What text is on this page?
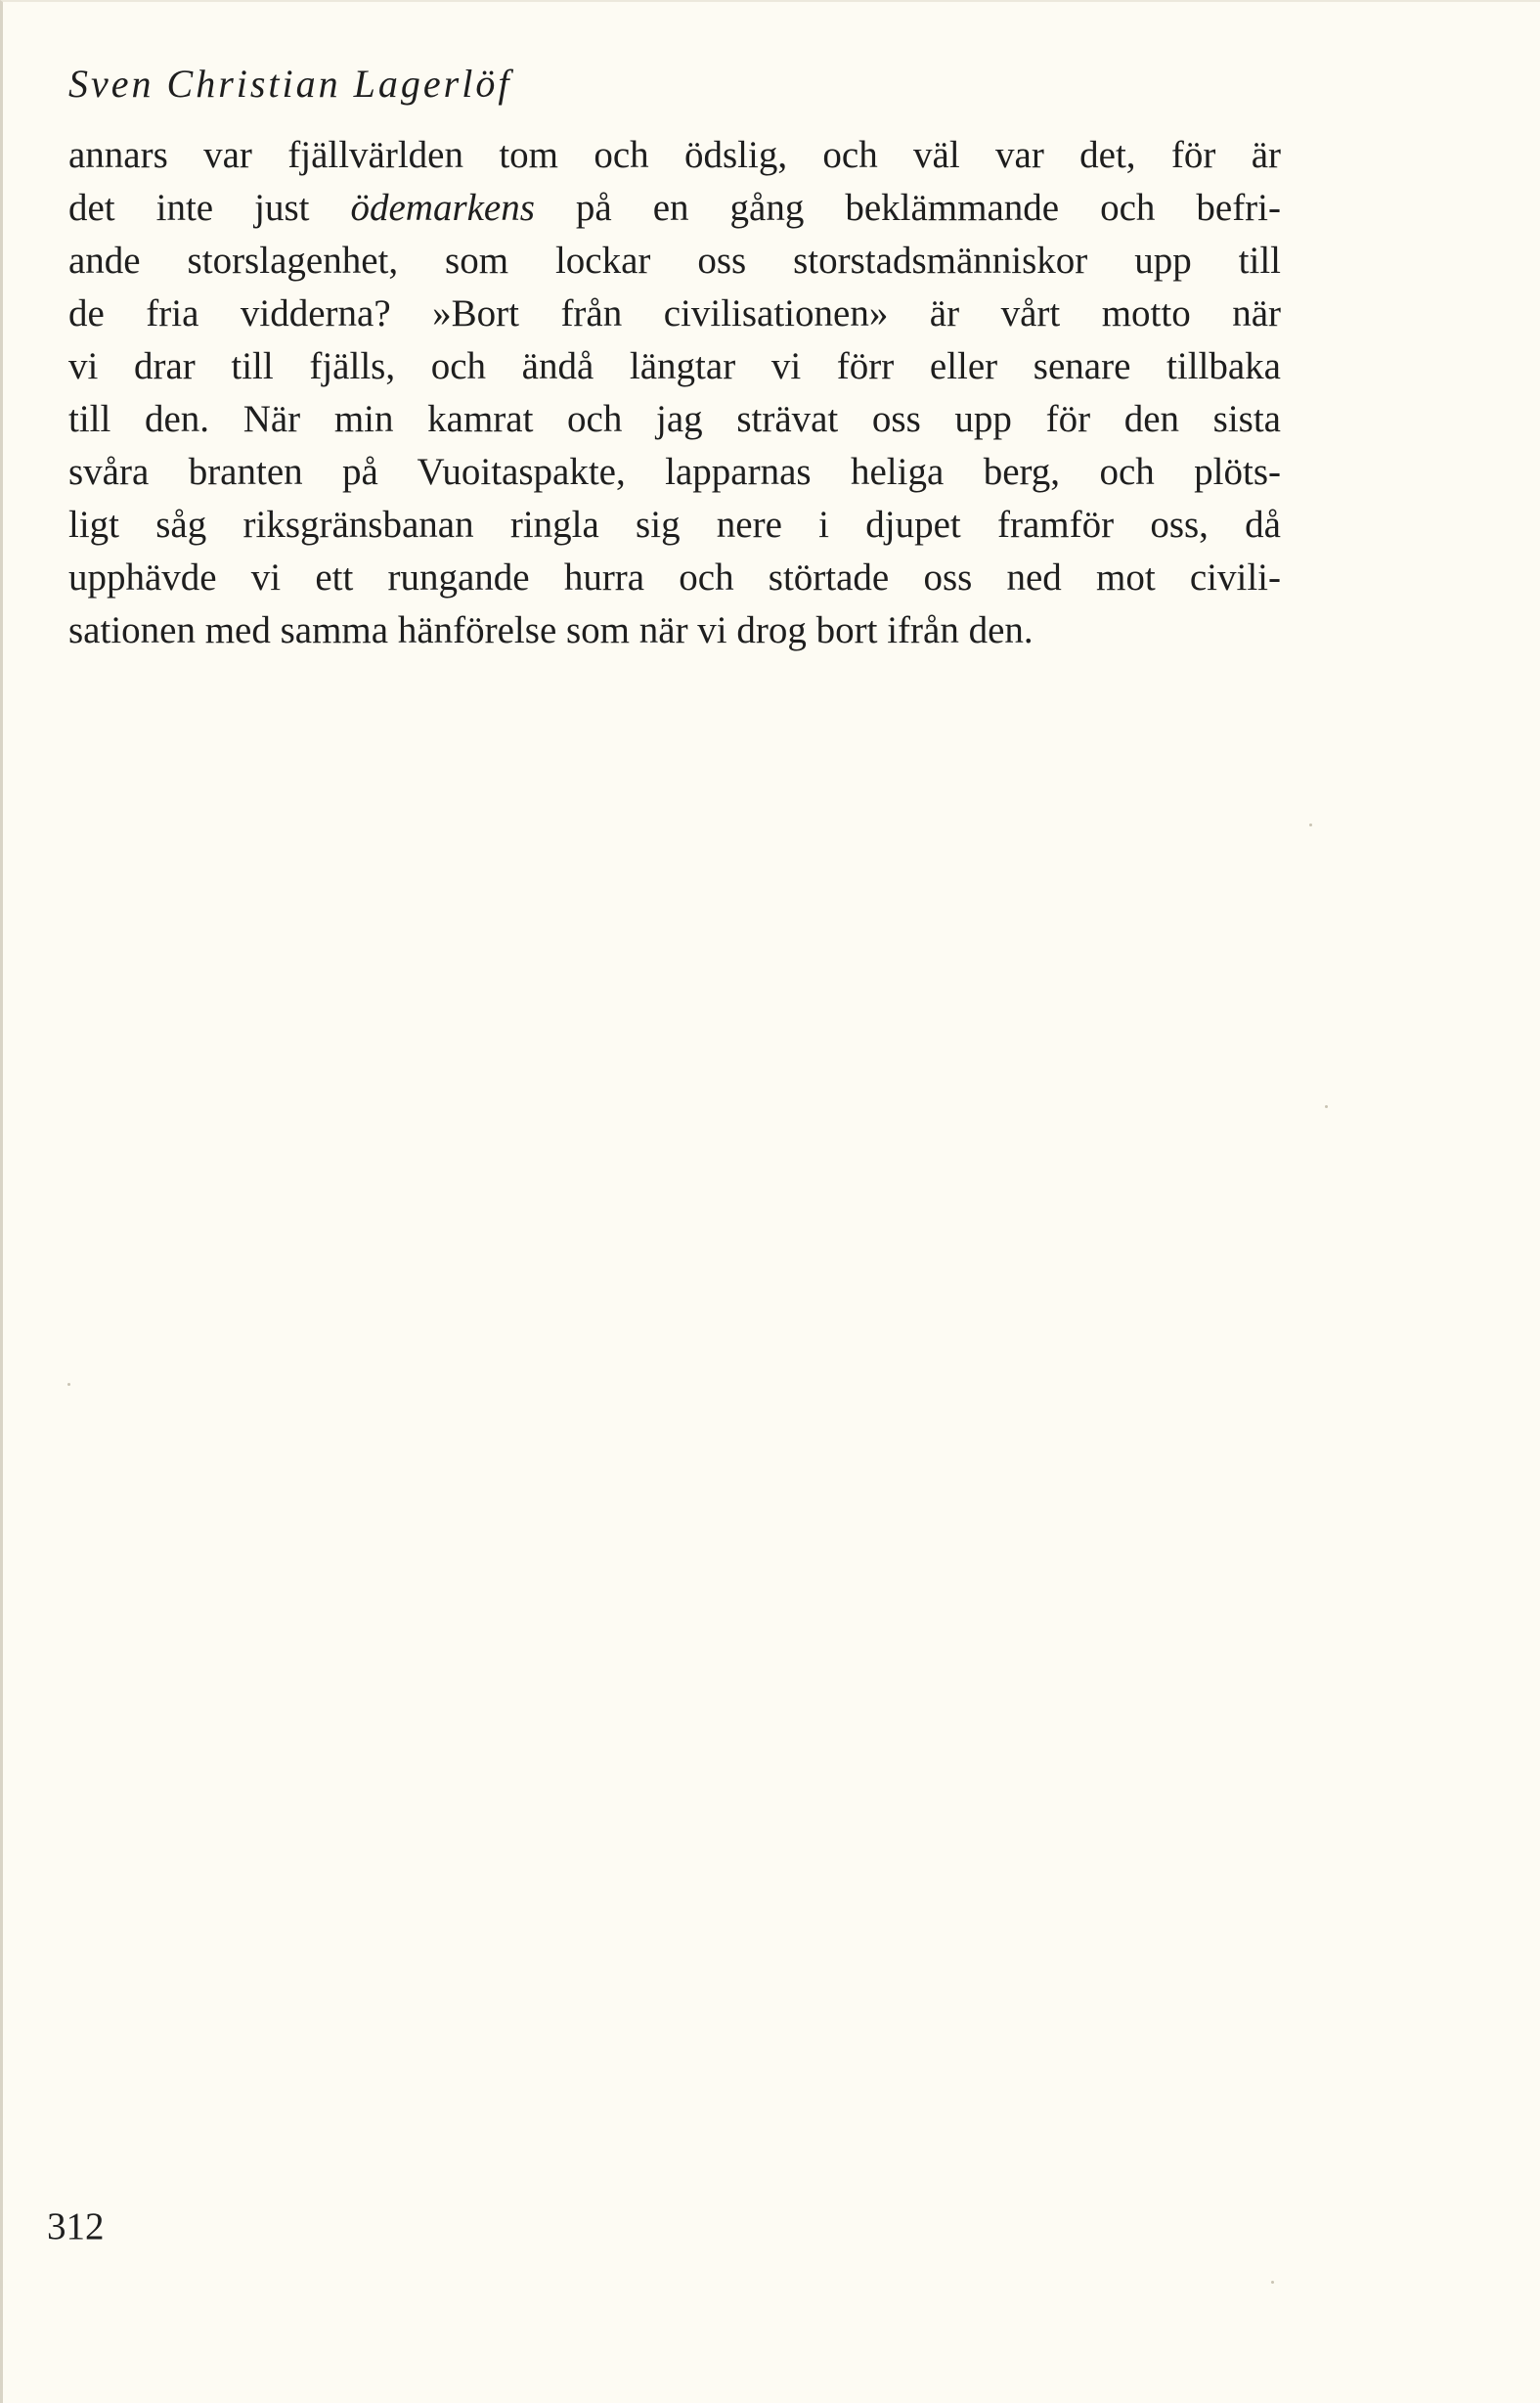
Sven Christian Lagerlöf
annars var fjällvärlden tom och ödslig, och väl var det, för är
det inte just ödemarkens på en gång beklämmande och befri-
ande storslagenhet, som lockar oss storstadsmänniskor upp till
de fria vidderna? »Bort från civilisationen» är vårt motto när
vi drar till fjälls, och ändå längtar vi förr eller senare tillbaka
till den. När min kamrat och jag strävat oss upp för den sista
svåra branten på Vuoitaspakte, lapparnas heliga berg, och plöts-
ligt såg riksgränsbanan ringla sig nere i djupet framför oss, då
upphävde vi ett rungande hurra och störtade oss ned mot civili-
sationen med samma hänförelse som när vi drog bort ifrån den.
312
